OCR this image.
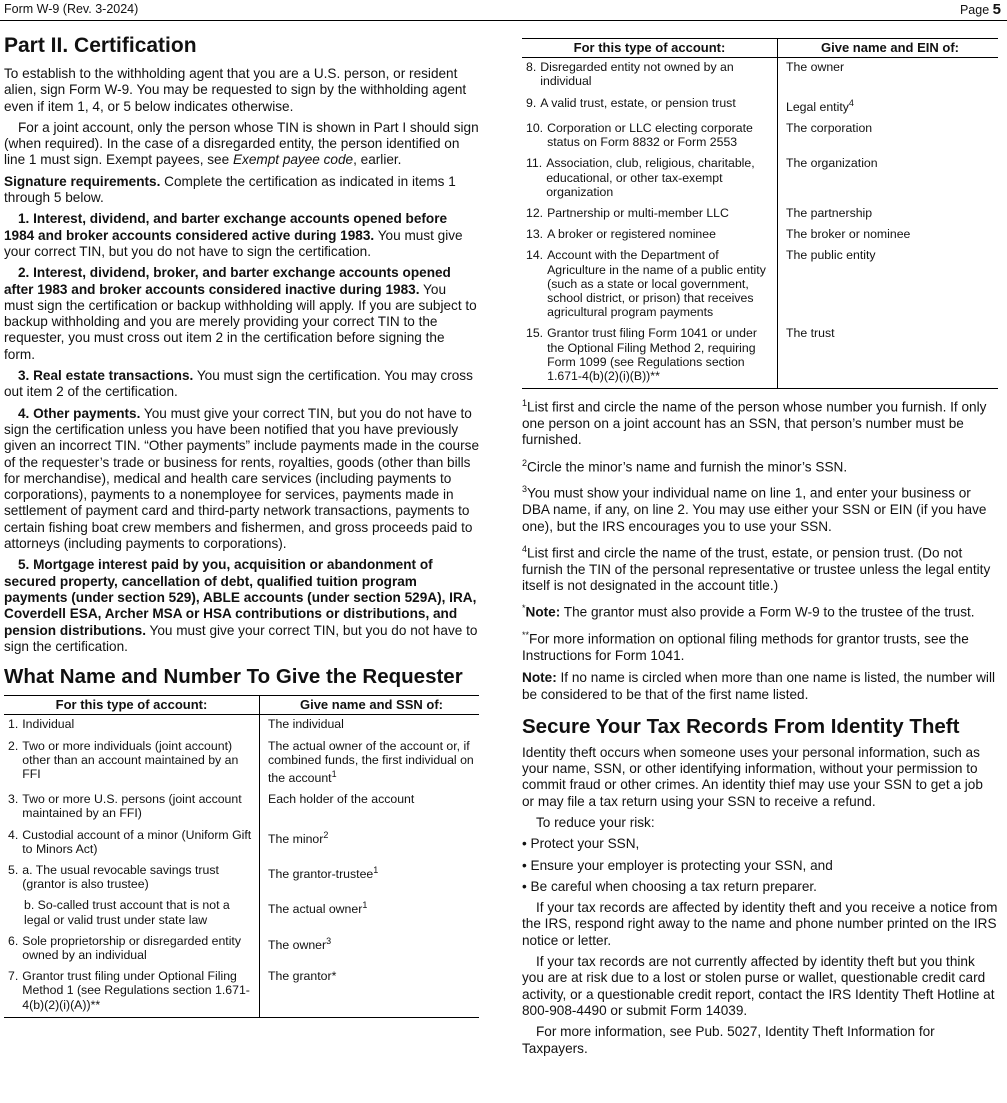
Form W-9 (Rev. 3-2024)	Page 5
Part II. Certification

To establish to the withholding agent that you are a U.S. person, or resident alien, sign Form W-9. You may be requested to sign by the withholding agent even if item 1, 4, or 5 below indicates otherwise.

For a joint account, only the person whose TIN is shown in Part I should sign (when required). In the case of a disregarded entity, the person identified on line 1 must sign. Exempt payees, see Exempt payee code, earlier.

Signature requirements. Complete the certification as indicated in items 1 through 5 below.

1. Interest, dividend, and barter exchange accounts opened before 1984 and broker accounts considered active during 1983. You must give your correct TIN, but you do not have to sign the certification.

2. Interest, dividend, broker, and barter exchange accounts opened after 1983 and broker accounts considered inactive during 1983. You must sign the certification or backup withholding will apply. If you are subject to backup withholding and you are merely providing your correct TIN to the requester, you must cross out item 2 in the certification before signing the form.

3. Real estate transactions. You must sign the certification. You may cross out item 2 of the certification.

4. Other payments. You must give your correct TIN, but you do not have to sign the certification unless you have been notified that you have previously given an incorrect TIN. “Other payments” include payments made in the course of the requester’s trade or business for rents, royalties, goods (other than bills for merchandise), medical and health care services (including payments to corporations), payments to a nonemployee for services, payments made in settlement of payment card and third-party network transactions, payments to certain fishing boat crew members and fishermen, and gross proceeds paid to attorneys (including payments to corporations).

5. Mortgage interest paid by you, acquisition or abandonment of secured property, cancellation of debt, qualified tuition program payments (under section 529), ABLE accounts (under section 529A), IRA, Coverdell ESA, Archer MSA or HSA contributions or distributions, and pension distributions. You must give your correct TIN, but you do not have to sign the certification.

What Name and Number To Give the Requester
For this type of account:	Give name and SSN of:

1. Individual	The individual

2. Two or more individuals (joint account) other than an account maintained by an FFI	The actual owner of the account or, if combined funds, the first individual on the account$^1$

3. Two or more U.S. persons (joint account maintained by an FFI)	Each holder of the account

4. Custodial account of a minor (Uniform Gift to Minors Act)	The minor$^2$

5. a. The usual revocable savings trust (grantor is also trustee)	The grantor-trustee$^1$

b. So-called trust account that is not a legal or valid trust under state law	The actual owner$^1$

6. Sole proprietorship or disregarded entity owned by an individual	The owner$^3$

7. Grantor trust filing under Optional Filing Method 1 (see Regulations section 1.671-4(b)(2)(i)(A))**	The grantor*
For this type of account:	Give name and EIN of:

8. Disregarded entity not owned by an individual	The owner

9. A valid trust, estate, or pension trust	Legal entity$^4$

10. Corporation or LLC electing corporate status on Form 8832 or Form 2553	The corporation

11. Association, club, religious, charitable, educational, or other tax-exempt organization	The organization

12. Partnership or multi-member LLC	The partnership

13. A broker or registered nominee	The broker or nominee

14. Account with the Department of Agriculture in the name of a public entity (such as a state or local government, school district, or prison) that receives agricultural program payments	The public entity

15. Grantor trust filing Form 1041 or under the Optional Filing Method 2, requiring Form 1099 (see Regulations section 1.671-4(b)(2)(i)(B))**	The trust

$^1$List first and circle the name of the person whose number you furnish. If only one person on a joint account has an SSN, that person’s number must be furnished.

$^2$Circle the minor’s name and furnish the minor’s SSN.

$^3$You must show your individual name on line 1, and enter your business or DBA name, if any, on line 2. You may use either your SSN or EIN (if you have one), but the IRS encourages you to use your SSN.

$^4$List first and circle the name of the trust, estate, or pension trust. (Do not furnish the TIN of the personal representative or trustee unless the legal entity itself is not designated in the account title.)

*Note: The grantor must also provide a Form W-9 to the trustee of the trust.

**For more information on optional filing methods for grantor trusts, see the Instructions for Form 1041.

Note: If no name is circled when more than one name is listed, the number will be considered to be that of the first name listed.

Secure Your Tax Records From Identity Theft

Identity theft occurs when someone uses your personal information, such as your name, SSN, or other identifying information, without your permission to commit fraud or other crimes. An identity thief may use your SSN to get a job or may file a tax return using your SSN to receive a refund.

To reduce your risk:

• Protect your SSN,

• Ensure your employer is protecting your SSN, and

• Be careful when choosing a tax return preparer.

If your tax records are affected by identity theft and you receive a notice from the IRS, respond right away to the name and phone number printed on the IRS notice or letter.

If your tax records are not currently affected by identity theft but you think you are at risk due to a lost or stolen purse or wallet, questionable credit card activity, or a questionable credit report, contact the IRS Identity Theft Hotline at 800-908-4490 or submit Form 14039.

For more information, see Pub. 5027, Identity Theft Information for Taxpayers.
